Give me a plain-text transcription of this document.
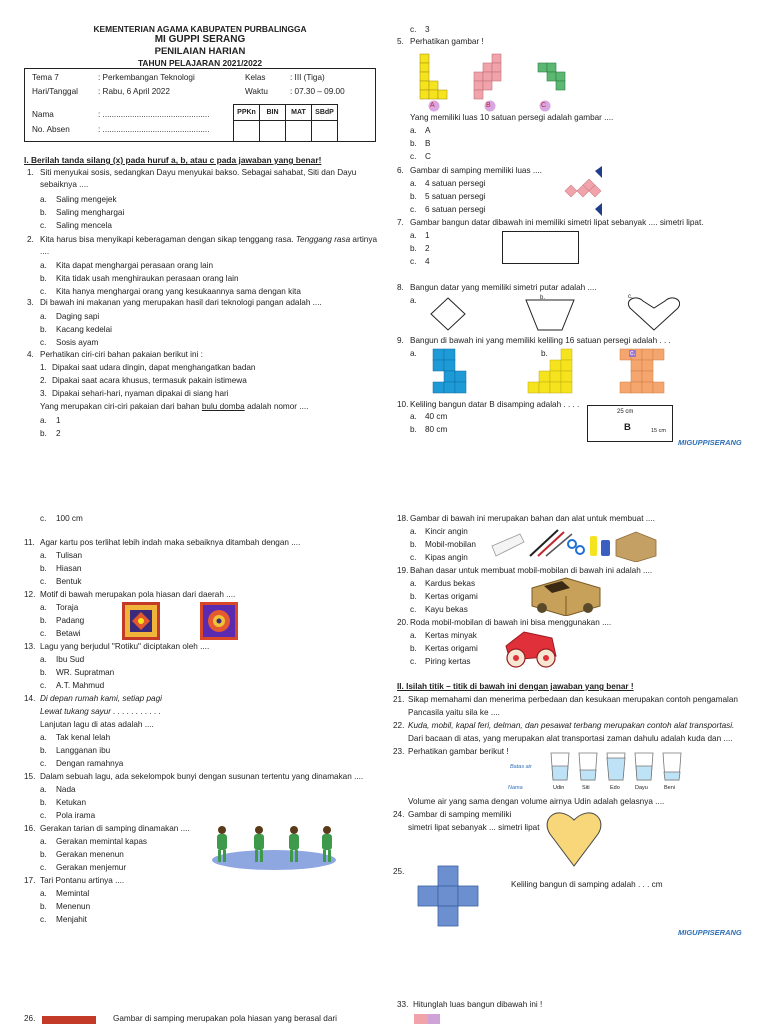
KEMENTERIAN AGAMA KABUPATEN PURBALINGGA
MI GUPPI SERANG
PENILAIAN HARIAN
TAHUN PELAJARAN 2021/2022
Tema 7	: Perkembangan Teknologi	Kelas	: III (Tiga)
Hari/Tanggal : Rabu, 6 April 2022	Waktu	: 07.30 – 09.00
Nama	: ...............................................
No. Absen	: ...............................................
PPKn	BIN	MAT	SBdP

I. Berilah tanda silang (x) pada huruf a, b, atau c pada jawaban yang benar!
1. Siti menyukai sosis, sedangkan Dayu menyukai bakso. Sebagai sahabat, Siti dan Dayu
sebaiknya ....
a. Saling mengejek
b. Saling menghargai
c. Saling mencela
2. Kita harus bisa menyikapi keberagaman dengan sikap tenggang rasa. Tenggang rasa artinya
....
a. Kita dapat menghargai perasaan orang lain
b. Kita tidak usah menghiraukan perasaan orang lain
c. Kita hanya menghargai orang yang kesukaannya sama dengan kita
3. Di bawah ini makanan yang merupakan hasil dari teknologi pangan adalah ....
a. Daging sapi
b. Kacang kedelai
c. Sosis ayam
4. Perhatikan ciri-ciri bahan pakaian berikut ini :
1. Dipakai saat udara dingin, dapat menghangatkan badan
2. Dipakai saat acara khusus, termasuk pakain istimewa
3. Dipakai sehari-hari, nyaman dipakai di siang hari
Yang merupakan ciri-ciri pakaian dari bahan bulu domba adalah nomor ....
a. 1
b. 2
c. 3
5. Perhatikan gambar !
A	B	C
Yang memiliki luas 10 satuan persegi adalah gambar ....
a. A
b. B
c. C
6. Gambar di samping memiliki luas ....
a. 4 satuan persegi
b. 5 satuan persegi
c. 6 satuan persegi
7. Gambar bangun datar dibawah ini memiliki simetri lipat sebanyak .... simetri lipat.
a. 1
b. 2
c. 4
8. Bangun datar yang memiliki simetri putar adalah ....
a.	b.	c.
9. Bangun di bawah ini yang memiliki keliling 16 satuan persegi adalah . . .
a.	b.	c.
10. Keliling bangun datar B disamping adalah . . . .
a. 40 cm
b. 80 cm
25 cm
B	15 cm
MIGUPPISERANG
c. 100 cm
11. Agar kartu pos terlihat lebih indah maka sebaiknya ditambah dengan ....
a. Tulisan
b. Hiasan
c. Bentuk
12. Motif di bawah merupakan pola hiasan dari daerah ....
a. Toraja
b. Padang
c. Betawi
13. Lagu yang berjudul "Rotiku" diciptakan oleh ....
a. Ibu Sud
b. WR. Supratman
c. A.T. Mahmud
14. Di depan rumah kami, setiap pagi
Lewat tukang sayur . . . . . . . . . . .
Lanjutan lagu di atas adalah ....
a. Tak kenal lelah
b. Langganan ibu
c. Dengan ramahnya
15. Dalam sebuah lagu, ada sekelompok bunyi dengan susunan tertentu yang dinamakan ....
a. Nada
b. Ketukan
c. Pola irama
16. Gerakan tarian di samping dinamakan ....
a. Gerakan memintal kapas
b. Gerakan menenun
c. Gerakan menjemur
17. Tari Pontanu artinya ....
a. Memintal
b. Menenun
c. Menjahit
18. Gambar di bawah ini merupakan bahan dan alat untuk membuat ....
a. Kincir angin
b. Mobil-mobilan
c. Kipas angin
19. Bahan dasar untuk membuat mobil-mobilan di bawah ini adalah ....
a. Kardus bekas
b. Kertas origami
c. Kayu bekas
20. Roda mobil-mobilan di bawah ini bisa menggunakan ....
a. Kertas minyak
b. Kertas origami
c. Piring kertas
II. Isilah titik – titik di bawah ini dengan jawaban yang benar !
21. Sikap memahami dan menerima perbedaan dan kesukaan merupakan contoh pengamalan
Pancasila yaitu sila ke ....
22. Kuda, mobil, kapal feri, delman, dan pesawat terbang merupakan contoh alat transportasi.
Dari bacaan di atas, yang merupakan alat transportasi zaman dahulu adalah kuda dan ....
23. Perhatikan gambar berikut !
Batas air
Nama	Udin	Siti	Edo	Dayu	Beni
Volume air yang sama dengan volume airnya Udin adalah gelasnya ....
24. Gambar di samping memiliki
simetri lipat sebanyak ... simetri lipat
25.
Keliling bangun di samping adalah . . . cm
MIGUPPISERANG
26.	Gambar di samping merupakan pola hiasan yang berasal dari
33. Hitunglah luas bangun dibawah ini !
